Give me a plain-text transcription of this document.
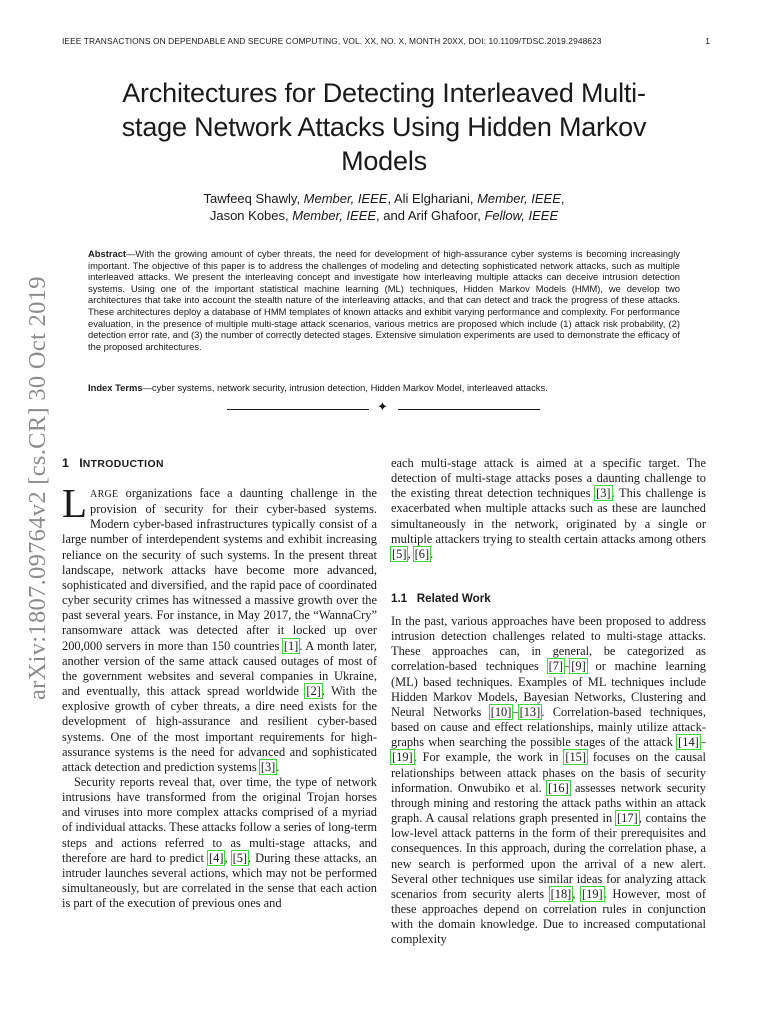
IEEE TRANSACTIONS ON DEPENDABLE AND SECURE COMPUTING, VOL. XX, NO. X, MONTH 20XX, DOI: 10.1109/TDSC.2019.2948623	1
arXiv:1807.09764v2 [cs.CR] 30 Oct 2019
Architectures for Detecting Interleaved Multi-stage Network Attacks Using Hidden Markov Models
Tawfeeq Shawly, Member, IEEE, Ali Elghariani, Member, IEEE,
Jason Kobes, Member, IEEE, and Arif Ghafoor, Fellow, IEEE
Abstract—With the growing amount of cyber threats, the need for development of high-assurance cyber systems is becoming increasingly important. The objective of this paper is to address the challenges of modeling and detecting sophisticated network attacks, such as multiple interleaved attacks. We present the interleaving concept and investigate how interleaving multiple attacks can deceive intrusion detection systems. Using one of the important statistical machine learning (ML) techniques, Hidden Markov Models (HMM), we develop two architectures that take into account the stealth nature of the interleaving attacks, and that can detect and track the progress of these attacks. These architectures deploy a database of HMM templates of known attacks and exhibit varying performance and complexity. For performance evaluation, in the presence of multiple multi-stage attack scenarios, various metrics are proposed which include (1) attack risk probability, (2) detection error rate, and (3) the number of correctly detected stages. Extensive simulation experiments are used to demonstrate the efficacy of the proposed architectures.
Index Terms—cyber systems, network security, intrusion detection, Hidden Markov Model, interleaved attacks.
✦
1 INTRODUCTION

LARGE organizations face a daunting challenge in the provision of security for their cyber-based systems. Modern cyber-based infrastructures typically consist of a large number of interdependent systems and exhibit increasing reliance on the security of such systems. In the present threat landscape, network attacks have become more advanced, sophisticated and diversified, and the rapid pace of coordinated cyber security crimes has witnessed a massive growth over the past several years. For instance, in May 2017, the “WannaCry” ransomware attack was detected after it locked up over 200,000 servers in more than 150 countries [1]. A month later, another version of the same attack caused outages of most of the government websites and several companies in Ukraine, and eventually, this attack spread worldwide [2]. With the explosive growth of cyber threats, a dire need exists for the development of high-assurance and resilient cyber-based systems. One of the most important requirements for high-assurance systems is the need for advanced and sophisticated attack detection and prediction systems [3].

Security reports reveal that, over time, the type of network intrusions have transformed from the original Trojan horses and viruses into more complex attacks comprised of a myriad of individual attacks. These attacks follow a series of long-term steps and actions referred to as multi-stage attacks, and therefore are hard to predict [4], [5]. During these attacks, an intruder launches several actions, which may not be performed simultaneously, but are correlated in the sense that each action is part of the execution of previous ones and

each multi-stage attack is aimed at a specific target. The detection of multi-stage attacks poses a daunting challenge to the existing threat detection techniques [3]. This challenge is exacerbated when multiple attacks such as these are launched simultaneously in the network, originated by a single or multiple attackers trying to stealth certain attacks among others [5], [6].

1.1 Related Work

In the past, various approaches have been proposed to address intrusion detection challenges related to multi-stage attacks. These approaches can, in general, be categorized as correlation-based techniques [7]–[9] or machine learning (ML) based techniques. Examples of ML techniques include Hidden Markov Models, Bayesian Networks, Clustering and Neural Networks [10]–[13]. Correlation-based techniques, based on cause and effect relationships, mainly utilize attack-graphs when searching the possible stages of the attack [14]–[19]. For example, the work in [15] focuses on the causal relationships between attack phases on the basis of security information. Onwubiko et al. [16] assesses network security through mining and restoring the attack paths within an attack graph. A causal relations graph presented in [17], contains the low-level attack patterns in the form of their prerequisites and consequences. In this approach, during the correlation phase, a new search is performed upon the arrival of a new alert. Several other techniques use similar ideas for analyzing attack scenarios from security alerts [18], [19]. However, most of these approaches depend on correlation rules in conjunction with the domain knowledge. Due to increased computational complexity
